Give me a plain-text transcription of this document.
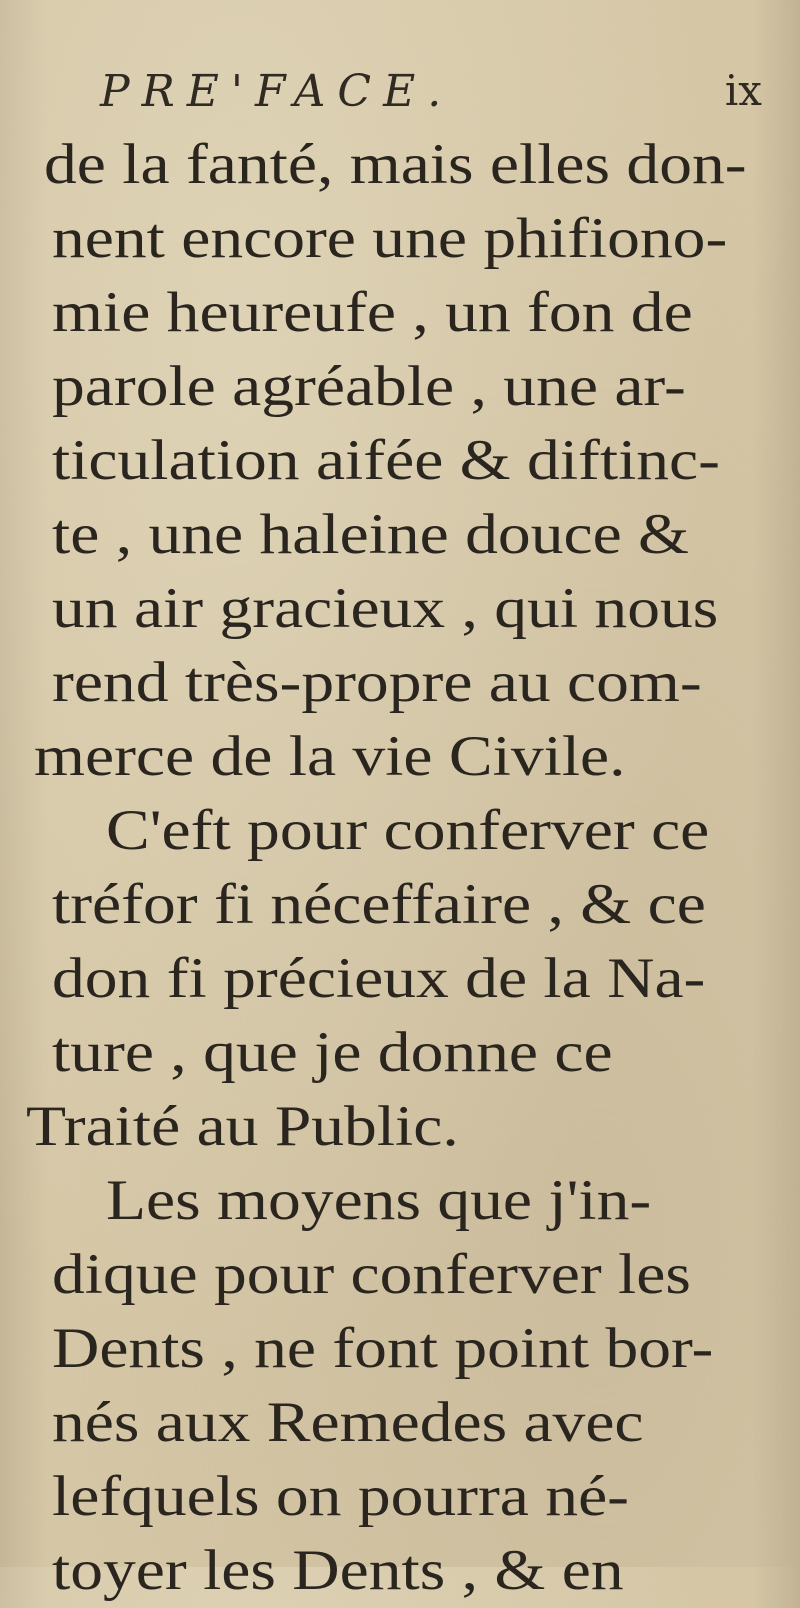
PRE'FACE.	ix
de la fanté, mais elles don-
nent encore une phifiono-
mie heureufe , un fon de
parole agréable , une ar-
ticulation aifée & diftinc-
te , une haleine douce &
un air gracieux , qui nous
rend très-propre au com-
merce de la vie Civile.
C'eft pour conferver ce
tréfor fi néceffaire , & ce
don fi précieux de la Na-
ture , que je donne ce
Traité au Public.
Les moyens que j'in-
dique pour conferver les
Dents , ne font point bor-
nés aux Remedes avec
lefquels on pourra né-
toyer les Dents , & en
